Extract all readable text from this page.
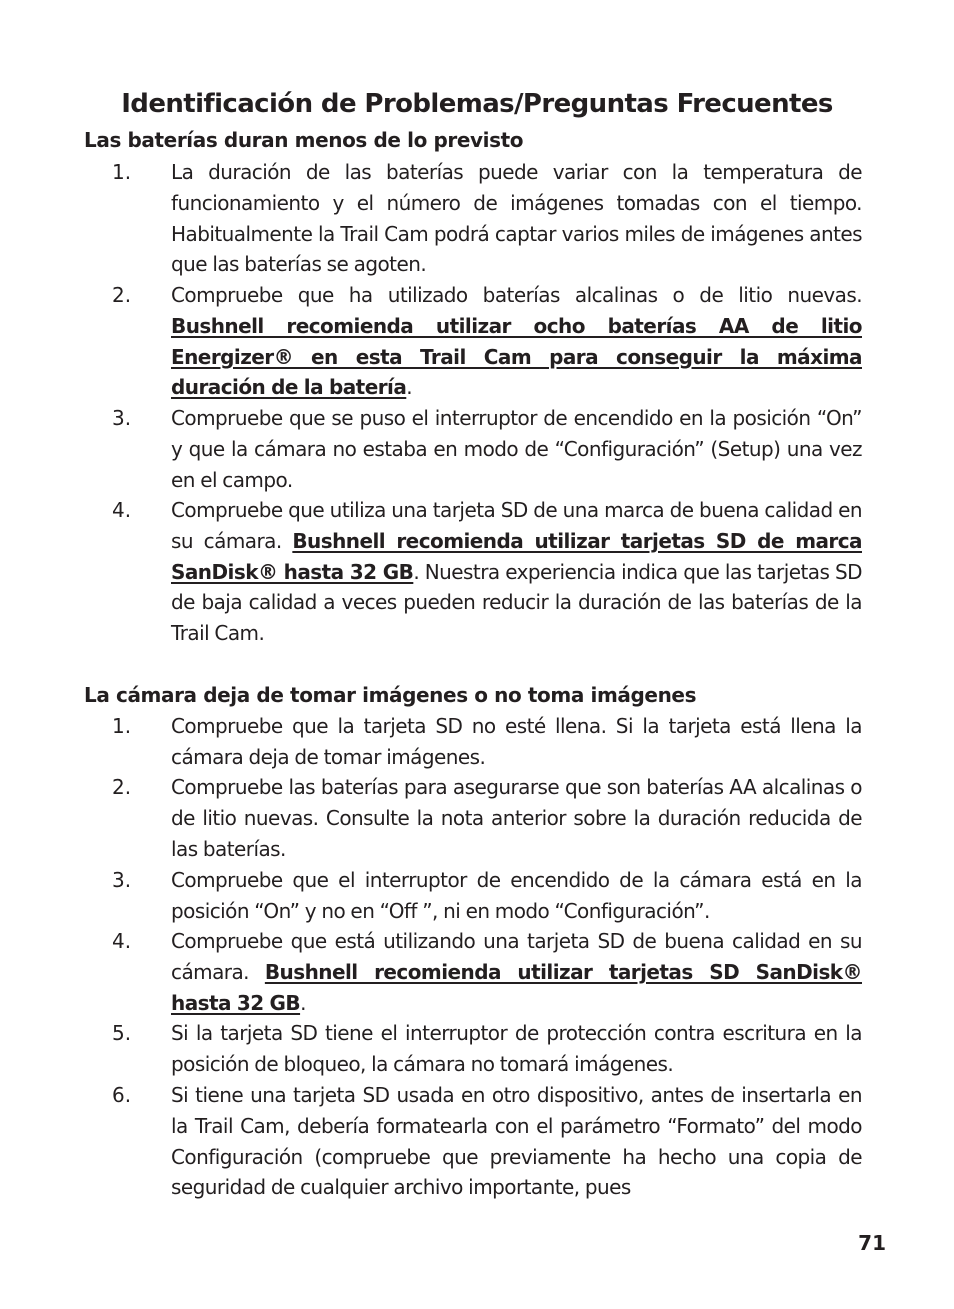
Identificación de Problemas/Preguntas Frecuentes
Las baterías duran menos de lo previsto
1.	La duración de las baterías puede variar con la temperatura de funcionamiento y el número de imágenes tomadas con el tiempo. Habitualmente la Trail Cam podrá captar varios miles de imágenes antes que las baterías se agoten.
2.	Compruebe que ha utilizado baterías alcalinas o de litio nuevas. Bushnell recomienda utilizar ocho baterías AA de litio Energizer® en esta Trail Cam para conseguir la máxima duración de la batería.
3.	Compruebe que se puso el interruptor de encendido en la posición “On” y que la cámara no estaba en modo de “Configuración” (Setup) una vez en el campo.
4.	Compruebe que utiliza una tarjeta SD de una marca de buena calidad en su cámara. Bushnell recomienda utilizar tarjetas SD de marca SanDisk® hasta 32 GB. Nuestra experiencia indica que las tarjetas SD de baja calidad a veces pueden reducir la duración de las baterías de la Trail Cam.
La cámara deja de tomar imágenes o no toma imágenes
1.	Compruebe que la tarjeta SD no esté llena. Si la tarjeta está llena la cámara deja de tomar imágenes.
2.	Compruebe las baterías para asegurarse que son baterías AA alcalinas o de litio nuevas. Consulte la nota anterior sobre la duración reducida de las baterías.
3.	Compruebe que el interruptor de encendido de la cámara está en la posición “On” y no en “Off ”, ni en modo “Configuración”.
4.	Compruebe que está utilizando una tarjeta SD de buena calidad en su cámara. Bushnell recomienda utilizar tarjetas SD SanDisk® hasta 32 GB.
5.	Si la tarjeta SD tiene el interruptor de protección contra escritura en la posición de bloqueo, la cámara no tomará imágenes.
6.	Si tiene una tarjeta SD usada en otro dispositivo, antes de insertarla en la Trail Cam, debería formatearla con el parámetro “Formato” del modo Configuración (compruebe que previamente ha hecho una copia de seguridad de cualquier archivo importante, pues
71
